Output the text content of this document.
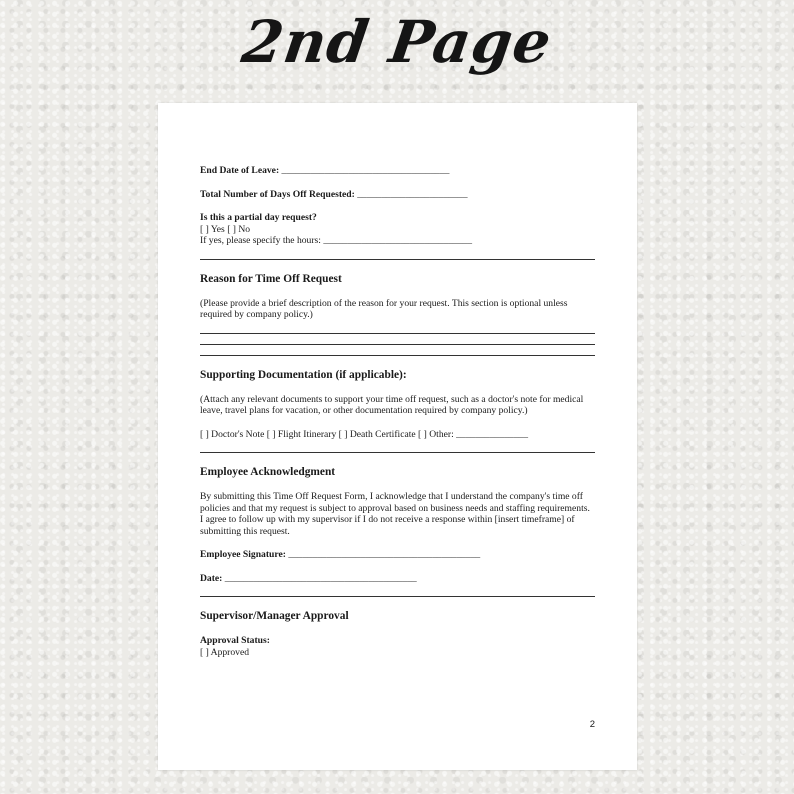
2nd Page

End Date of Leave: ___________________________________

Total Number of Days Off Requested: _______________________

Is this a partial day request?

[ ] Yes [ ] No

If yes, please specify the hours: _______________________________

Reason for Time Off Request

(Please provide a brief description of the reason for your request. This section is optional unless required by company policy.)

Supporting Documentation (if applicable):

(Attach any relevant documents to support your time off request, such as a doctor's note for medical leave, travel plans for vacation, or other documentation required by company policy.)

[ ] Doctor's Note [ ] Flight Itinerary [ ] Death Certificate [ ] Other: _______________

Employee Acknowledgment

By submitting this Time Off Request Form, I acknowledge that I understand the company's time off policies and that my request is subject to approval based on business needs and staffing requirements. I agree to follow up with my supervisor if I do not receive a response within [insert timeframe] of submitting this request.

Employee Signature: ________________________________________

Date: ________________________________________

Supervisor/Manager Approval

Approval Status:

[ ] Approved

2
